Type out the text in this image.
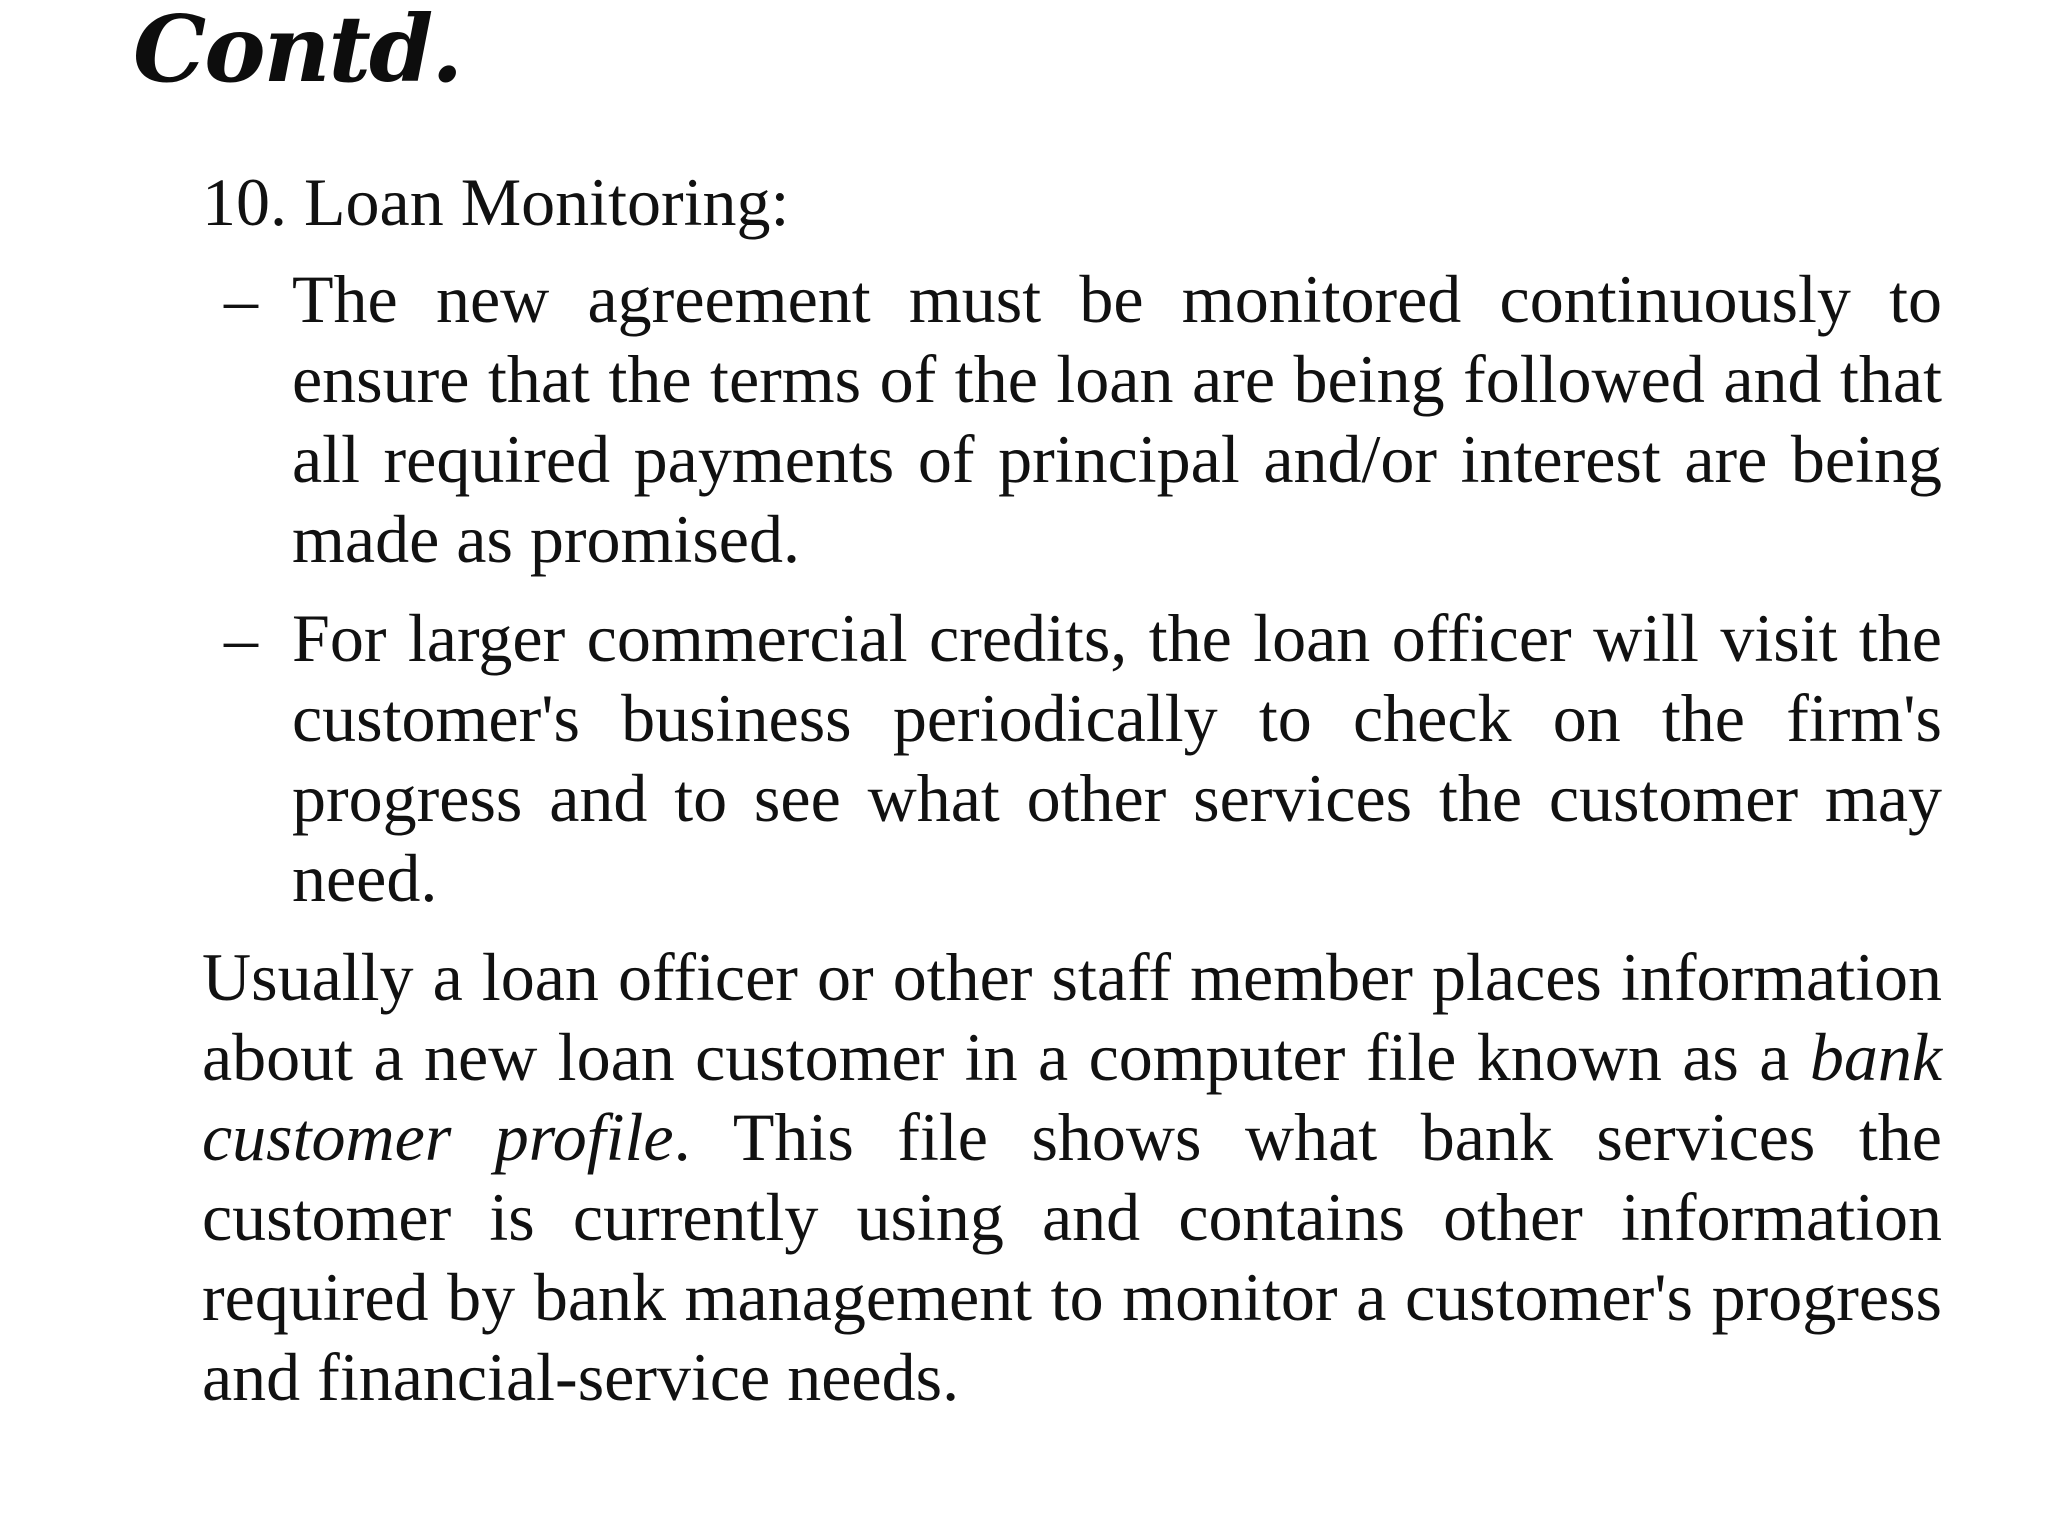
Contd.

10. Loan Monitoring:

– The new agreement must be monitored continuously to ensure that the terms of the loan are being followed and that all required payments of principal and/or interest are being made as promised.
– For larger commercial credits, the loan officer will visit the customer's business periodically to check on the firm's progress and to see what other services the customer may need.

Usually a loan officer or other staff member places information about a new loan customer in a computer file known as a bank customer profile. This file shows what bank services the customer is currently using and contains other information required by bank management to monitor a customer's progress and financial-service needs.
